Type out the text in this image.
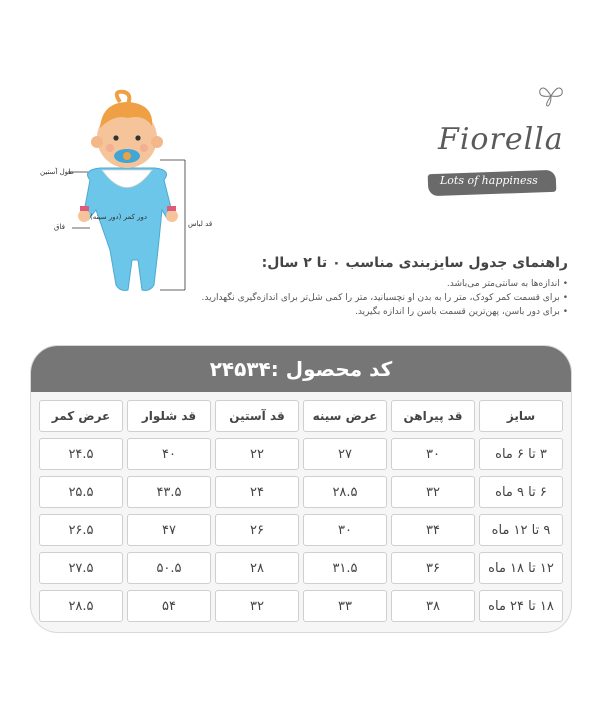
طول آستین
دور کمر (دور سینه)
فاق	قد لباس
Fiorella
Lots of happiness
راهنمای جدول سایزبندی مناسب ۰ تا ۲ سال:
• اندازه‌ها به سانتی‌متر می‌باشد.
• برای قسمت کمر کودک، متر را به بدن او نچسبانید، متر را کمی شل‌تر برای اندازه‌گیری نگهدارید.
• برای دور باسن، پهن‌ترین قسمت باسن را اندازه بگیرید.
کد محصول :۲۴۵۳۴
سایز
قد پیراهن
عرض سینه
قد آستین
قد شلوار
عرض کمر
۳ تا ۶ ماه
۳۰
۲۷
۲۲
۴۰
۲۴.۵
۶ تا ۹ ماه
۳۲
۲۸.۵
۲۴
۴۳.۵
۲۵.۵
۹ تا ۱۲ ماه
۳۴
۳۰
۲۶
۴۷
۲۶.۵
۱۲ تا ۱۸ ماه
۳۶
۳۱.۵
۲۸
۵۰.۵
۲۷.۵
۱۸ تا ۲۴ ماه
۳۸
۳۳
۳۲
۵۴
۲۸.۵
